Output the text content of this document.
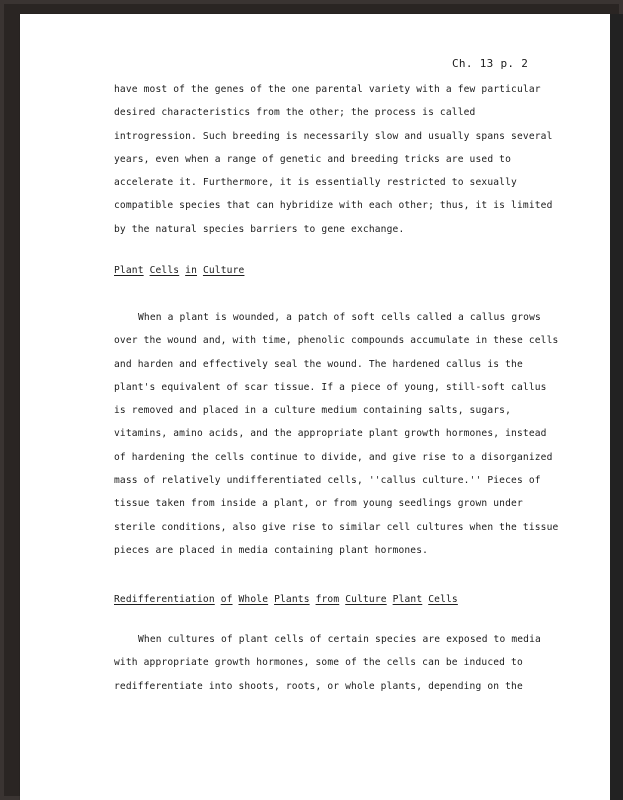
Ch. 13 p. 2
have most of the genes of the one parental variety with a few particular
desired characteristics from the other; the process is called
introgression. Such breeding is necessarily slow and usually spans several
years, even when a range of genetic and breeding tricks are used to
accelerate it. Furthermore, it is essentially restricted to sexually
compatible species that can hybridize with each other; thus, it is limited
by the natural species barriers to gene exchange.
Plant Cells in Culture
When a plant is wounded, a patch of soft cells called a callus grows
over the wound and, with time, phenolic compounds accumulate in these cells
and harden and effectively seal the wound. The hardened callus is the
plant's equivalent of scar tissue. If a piece of young, still-soft callus
is removed and placed in a culture medium containing salts, sugars,
vitamins, amino acids, and the appropriate plant growth hormones, instead
of hardening the cells continue to divide, and give rise to a disorganized
mass of relatively undifferentiated cells, ''callus culture.'' Pieces of
tissue taken from inside a plant, or from young seedlings grown under
sterile conditions, also give rise to similar cell cultures when the tissue
pieces are placed in media containing plant hormones.
Redifferentiation of Whole Plants from Culture Plant Cells
When cultures of plant cells of certain species are exposed to media
with appropriate growth hormones, some of the cells can be induced to
redifferentiate into shoots, roots, or whole plants, depending on the
